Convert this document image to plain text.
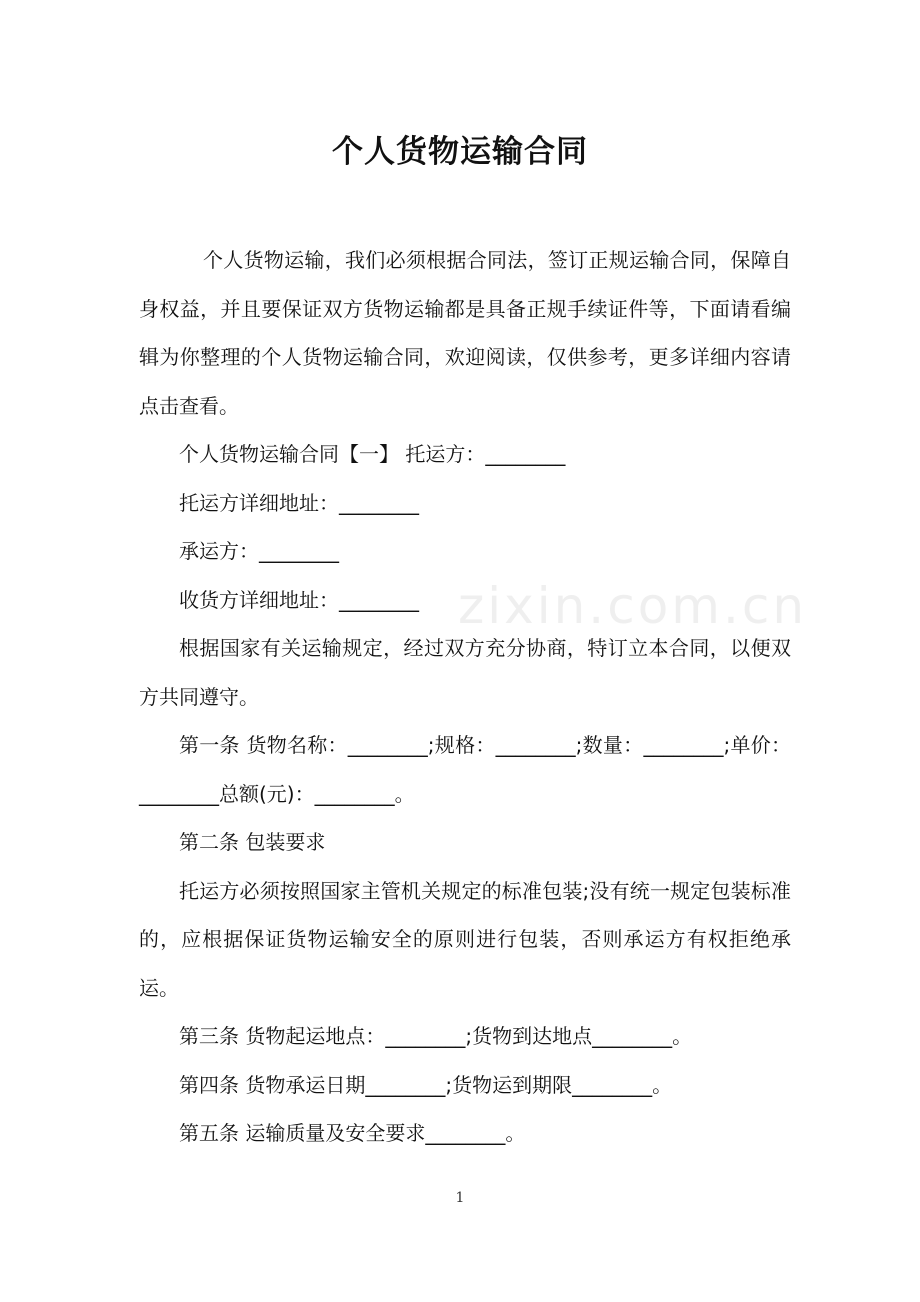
个人货物运输合同

个人货物运输，我们必须根据合同法，签订正规运输合同，保障自身权益，并且要保证双方货物运输都是具备正规手续证件等，下面请看编辑为你整理的个人货物运输合同，欢迎阅读，仅供参考，更多详细内容请点击查看。

个人货物运输合同【一】 托运方：________

托运方详细地址：________

承运方：________

收货方详细地址：________

根据国家有关运输规定，经过双方充分协商，特订立本合同，以便双方共同遵守。

第一条 货物名称：________;规格：________;数量：________;单价：________总额(元)：________。

第二条 包装要求

托运方必须按照国家主管机关规定的标准包装;没有统一规定包装标准的，应根据保证货物运输安全的原则进行包装，否则承运方有权拒绝承运。

第三条 货物起运地点：________;货物到达地点________。

第四条 货物承运日期________;货物运到期限________。

第五条 运输质量及安全要求________。

zixin.com.cn
1
